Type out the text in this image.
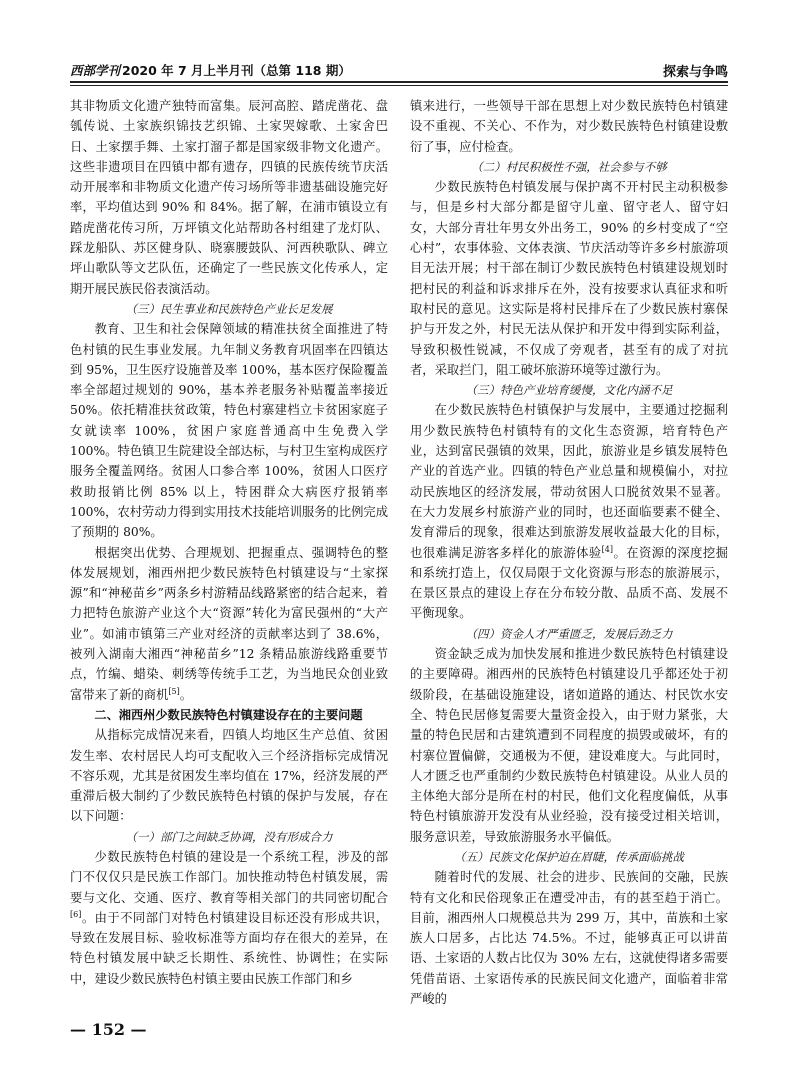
西部学刊 2020 年 7 月上半月刊（总第 118 期）	探索与争鸣

其非物质文化遗产独特而富集。辰河高腔、踏虎凿花、盘瓠传说、土家族织锦技艺织锦、土家哭嫁歌、土家舍巴日、土家摆手舞、土家打溜子都是国家级非物文化遗产。这些非遗项目在四镇中都有遗存，四镇的民族传统节庆活动开展率和非物质文化遗产传习场所等非遗基础设施完好率，平均值达到 90% 和 84%。据了解，在浦市镇设立有踏虎凿花传习所，万坪镇文化站帮助各村组建了龙灯队、踩龙船队、苏区健身队、晓寨腰鼓队、河西秧歌队、碑立坪山歌队等文艺队伍，还确定了一些民族文化传承人，定期开展民族民俗表演活动。

（三）民生事业和民族特色产业长足发展

教育、卫生和社会保障领域的精准扶贫全面推进了特色村镇的民生事业发展。九年制义务教育巩固率在四镇达到 95%，卫生医疗设施普及率 100%，基本医疗保险覆盖率全部超过规划的 90%，基本养老服务补贴覆盖率接近 50%。依托精准扶贫政策，特色村寨建档立卡贫困家庭子女就读率 100%，贫困户家庭普通高中生免费入学 100%。特色镇卫生院建设全部达标，与村卫生室构成医疗服务全覆盖网络。贫困人口参合率 100%，贫困人口医疗救助报销比例 85% 以上，特困群众大病医疗报销率 100%，农村劳动力得到实用技术技能培训服务的比例完成了预期的 80%。

根据突出优势、合理规划、把握重点、强调特色的整体发展规划，湘西州把少数民族特色村镇建设与“土家探源”和“神秘苗乡”两条乡村游精品线路紧密的结合起来，着力把特色旅游产业这个大“资源”转化为富民强州的“大产业”。如浦市镇第三产业对经济的贡献率达到了 38.6%，被列入湖南大湘西“神秘苗乡”12 条精品旅游线路重要节点，竹编、蜡染、刺绣等传统手工艺，为当地民众创业致富带来了新的商机[5]。

二、湘西州少数民族特色村镇建设存在的主要问题

从指标完成情况来看，四镇人均地区生产总值、贫困发生率、农村居民人均可支配收入三个经济指标完成情况不容乐观，尤其是贫困发生率均值在 17%，经济发展的严重滞后极大制约了少数民族特色村镇的保护与发展，存在以下问题：

（一）部门之间缺乏协调，没有形成合力

少数民族特色村镇的建设是一个系统工程，涉及的部门不仅仅只是民族工作部门。加快推动特色村镇发展，需要与文化、交通、医疗、教育等相关部门的共同密切配合[6]。由于不同部门对特色村镇建设目标还没有形成共识，导致在发展目标、验收标准等方面均存在很大的差异，在特色村镇发展中缺乏长期性、系统性、协调性；在实际中，建设少数民族特色村镇主要由民族工作部门和乡

镇来进行，一些领导干部在思想上对少数民族特色村镇建设不重视、不关心、不作为，对少数民族特色村镇建设敷衍了事，应付检查。

（二）村民积极性不强，社会参与不够

少数民族特色村镇发展与保护离不开村民主动积极参与，但是乡村大部分都是留守儿童、留守老人、留守妇女，大部分青壮年男女外出务工，90% 的乡村变成了“空心村”，农事体验、文体表演、节庆活动等许多乡村旅游项目无法开展；村干部在制订少数民族特色村镇建设规划时把村民的利益和诉求排斥在外，没有按要求认真征求和听取村民的意见。这实际是将村民排斥在了少数民族村寨保护与开发之外，村民无法从保护和开发中得到实际利益，导致积极性锐减，不仅成了旁观者，甚至有的成了对抗者，采取拦门，阻工破坏旅游环境等过激行为。

（三）特色产业培育缓慢，文化内涵不足

在少数民族特色村镇保护与发展中，主要通过挖掘利用少数民族特色村镇特有的文化生态资源，培育特色产业，达到富民强镇的效果，因此，旅游业是乡镇发展特色产业的首选产业。四镇的特色产业总量和规模偏小，对拉动民族地区的经济发展，带动贫困人口脱贫效果不显著。在大力发展乡村旅游产业的同时，也还面临要素不健全、发育滞后的现象，很难达到旅游发展收益最大化的目标，也很难满足游客多样化的旅游体验[4]。在资源的深度挖掘和系统打造上，仅仅局限于文化资源与形态的旅游展示，在景区景点的建设上存在分布较分散、品质不高、发展不平衡现象。

（四）资金人才严重匮乏，发展后劲乏力

资金缺乏成为加快发展和推进少数民族特色村镇建设的主要障碍。湘西州的民族特色村镇建设几乎都还处于初级阶段，在基础设施建设，诸如道路的通达、村民饮水安全、特色民居修复需要大量资金投入，由于财力紧张，大量的特色民居和古建筑遭到不同程度的损毁或破坏，有的村寨位置偏僻，交通极为不便，建设难度大。与此同时，人才匮乏也严重制约少数民族特色村镇建设。从业人员的主体绝大部分是所在村的村民，他们文化程度偏低，从事特色村镇旅游开发没有从业经验，没有接受过相关培训，服务意识差，导致旅游服务水平偏低。

（五）民族文化保护迫在眉睫，传承面临挑战

随着时代的发展、社会的进步、民族间的交融，民族特有文化和民俗现象正在遭受冲击，有的甚至趋于消亡。目前，湘西州人口规模总共为 299 万，其中，苗族和土家族人口居多，占比达 74.5%。不过，能够真正可以讲苗语、土家语的人数占比仅为 30% 左右，这就使得诸多需要凭借苗语、土家语传承的民族民间文化遗产，面临着非常严峻的

— 152 —
